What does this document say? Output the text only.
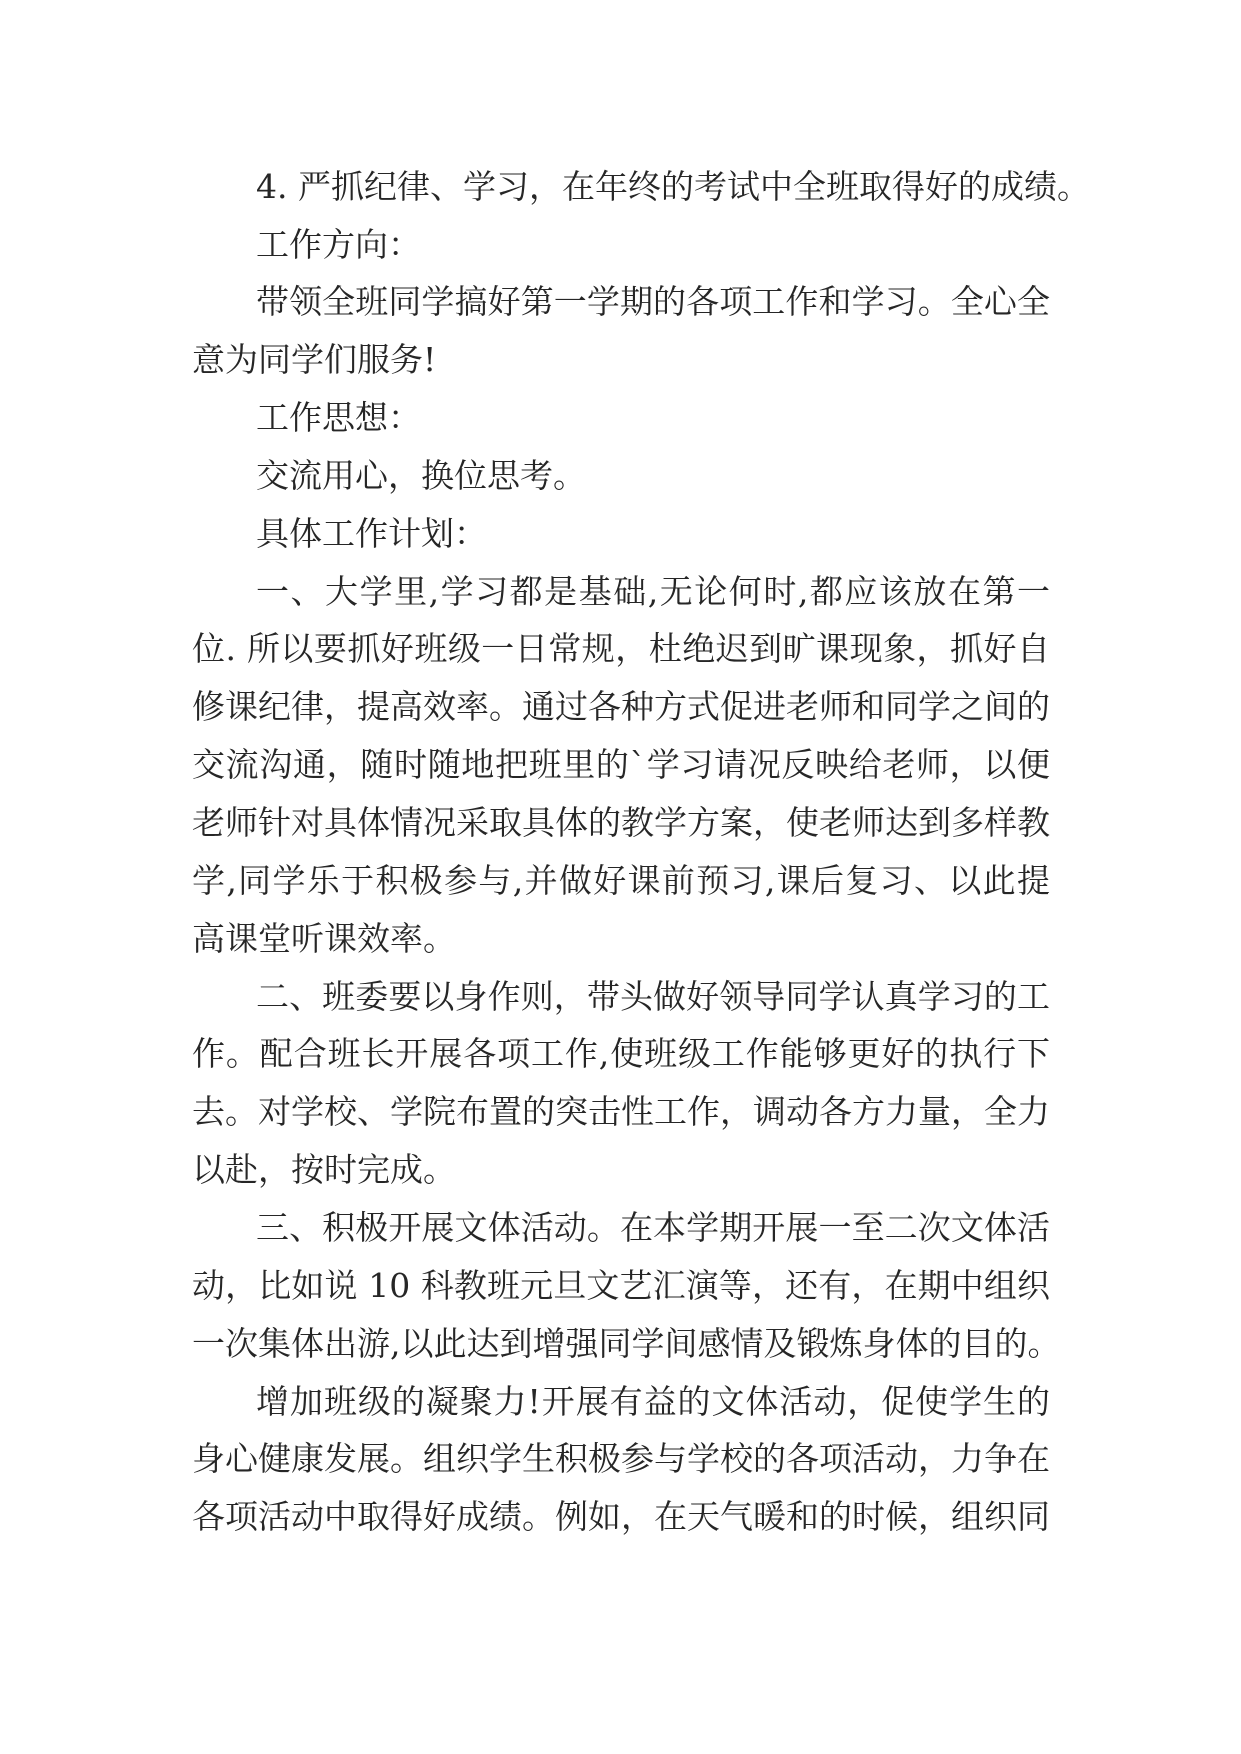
4. 严抓纪律、学习，在年终的考试中全班取得好的成绩。
工作方向：
带领全班同学搞好第一学期的各项工作和学习。全心全
意为同学们服务!
工作思想：
交流用心，换位思考。
具体工作计划：
一、大学里,学习都是基础,无论何时,都应该放在第一
位. 所以要抓好班级一日常规，杜绝迟到旷课现象，抓好自
修课纪律，提高效率。通过各种方式促进老师和同学之间的
交流沟通，随时随地把班里的`学习请况反映给老师，以便
老师针对具体情况采取具体的教学方案，使老师达到多样教
学,同学乐于积极参与,并做好课前预习,课后复习、以此提
高课堂听课效率。
二、班委要以身作则，带头做好领导同学认真学习的工
作。配合班长开展各项工作,使班级工作能够更好的执行下
去。对学校、学院布置的突击性工作，调动各方力量，全力
以赴，按时完成。
三、积极开展文体活动。在本学期开展一至二次文体活
动，比如说 10 科教班元旦文艺汇演等，还有，在期中组织
一次集体出游,以此达到增强同学间感情及锻炼身体的目的。
增加班级的凝聚力!开展有益的文体活动，促使学生的
身心健康发展。组织学生积极参与学校的各项活动，力争在
各项活动中取得好成绩。例如，在天气暖和的时候，组织同
